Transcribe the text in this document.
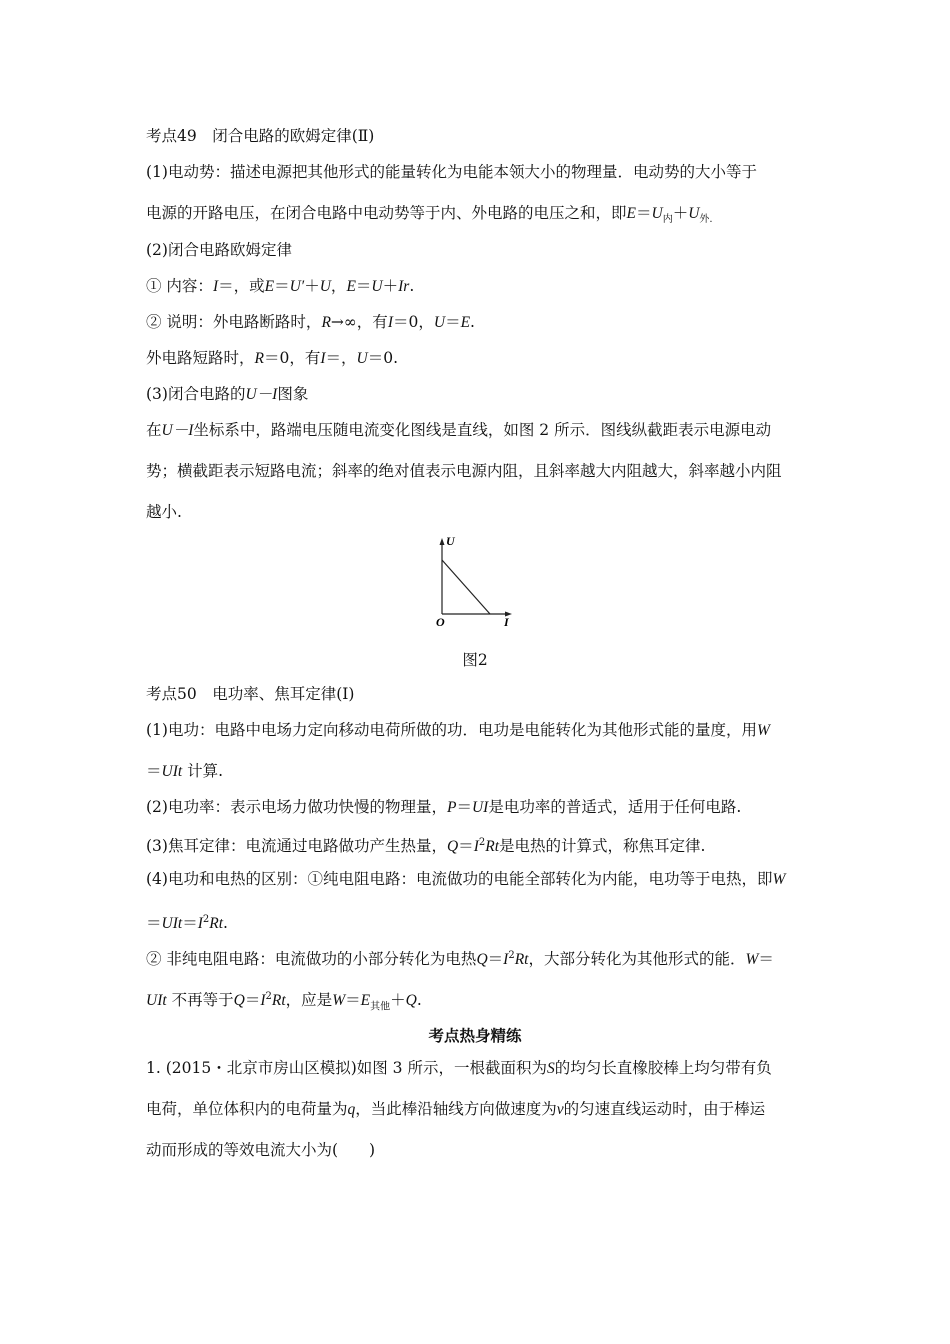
考点49　闭合电路的欧姆定律(Ⅱ)
(1)电动势：描述电源把其他形式的能量转化为电能本领大小的物理量．电动势的大小等于
电源的开路电压，在闭合电路中电动势等于内、外电路的电压之和，即$E=U_内+U_{外.}$
(2)闭合电路欧姆定律
① 内容：I＝，或E＝U′＋U，E＝U＋Ir.
② 说明：外电路断路时，R→∞，有I＝0，U＝E.
外电路短路时，R＝0，有I＝，U＝0.
(3)闭合电路的U－I图象
在U－I坐标系中，路端电压随电流变化图线是直线，如图 2 所示．图线纵截距表示电源电动
势；横截距表示短路电流；斜率的绝对值表示电源内阻，且斜率越大内阻越大，斜率越小内阻
越小.
U
I
O
图2
考点50　电功率、焦耳定律(Ⅰ)
(1)电功：电路中电场力定向移动电荷所做的功．电功是电能转化为其他形式能的量度，用W
＝UIt 计算.
(2)电功率：表示电场力做功快慢的物理量，P＝UI是电功率的普适式，适用于任何电路.
(3)焦耳定律：电流通过电路做功产生热量，$Q=I^2Rt$是电热的计算式，称焦耳定律.
(4)电功和电热的区别：①纯电阻电路：电流做功的电能全部转化为内能，电功等于电热，即W
$=UIt=I^2Rt$.
② 非纯电阻电路：电流做功的小部分转化为电热$Q=I^2Rt$，大部分转化为其他形式的能．W＝
UIt 不再等于$Q=I^2Rt$，应是$W=E_{其他}+Q$.
考点热身精练
1. (2015・北京市房山区模拟)如图 3 所示，一根截面积为S的均匀长直橡胶棒上均匀带有负
电荷，单位体积内的电荷量为q，当此棒沿轴线方向做速度为v的匀速直线运动时，由于棒运
动而形成的等效电流大小为(　　)
